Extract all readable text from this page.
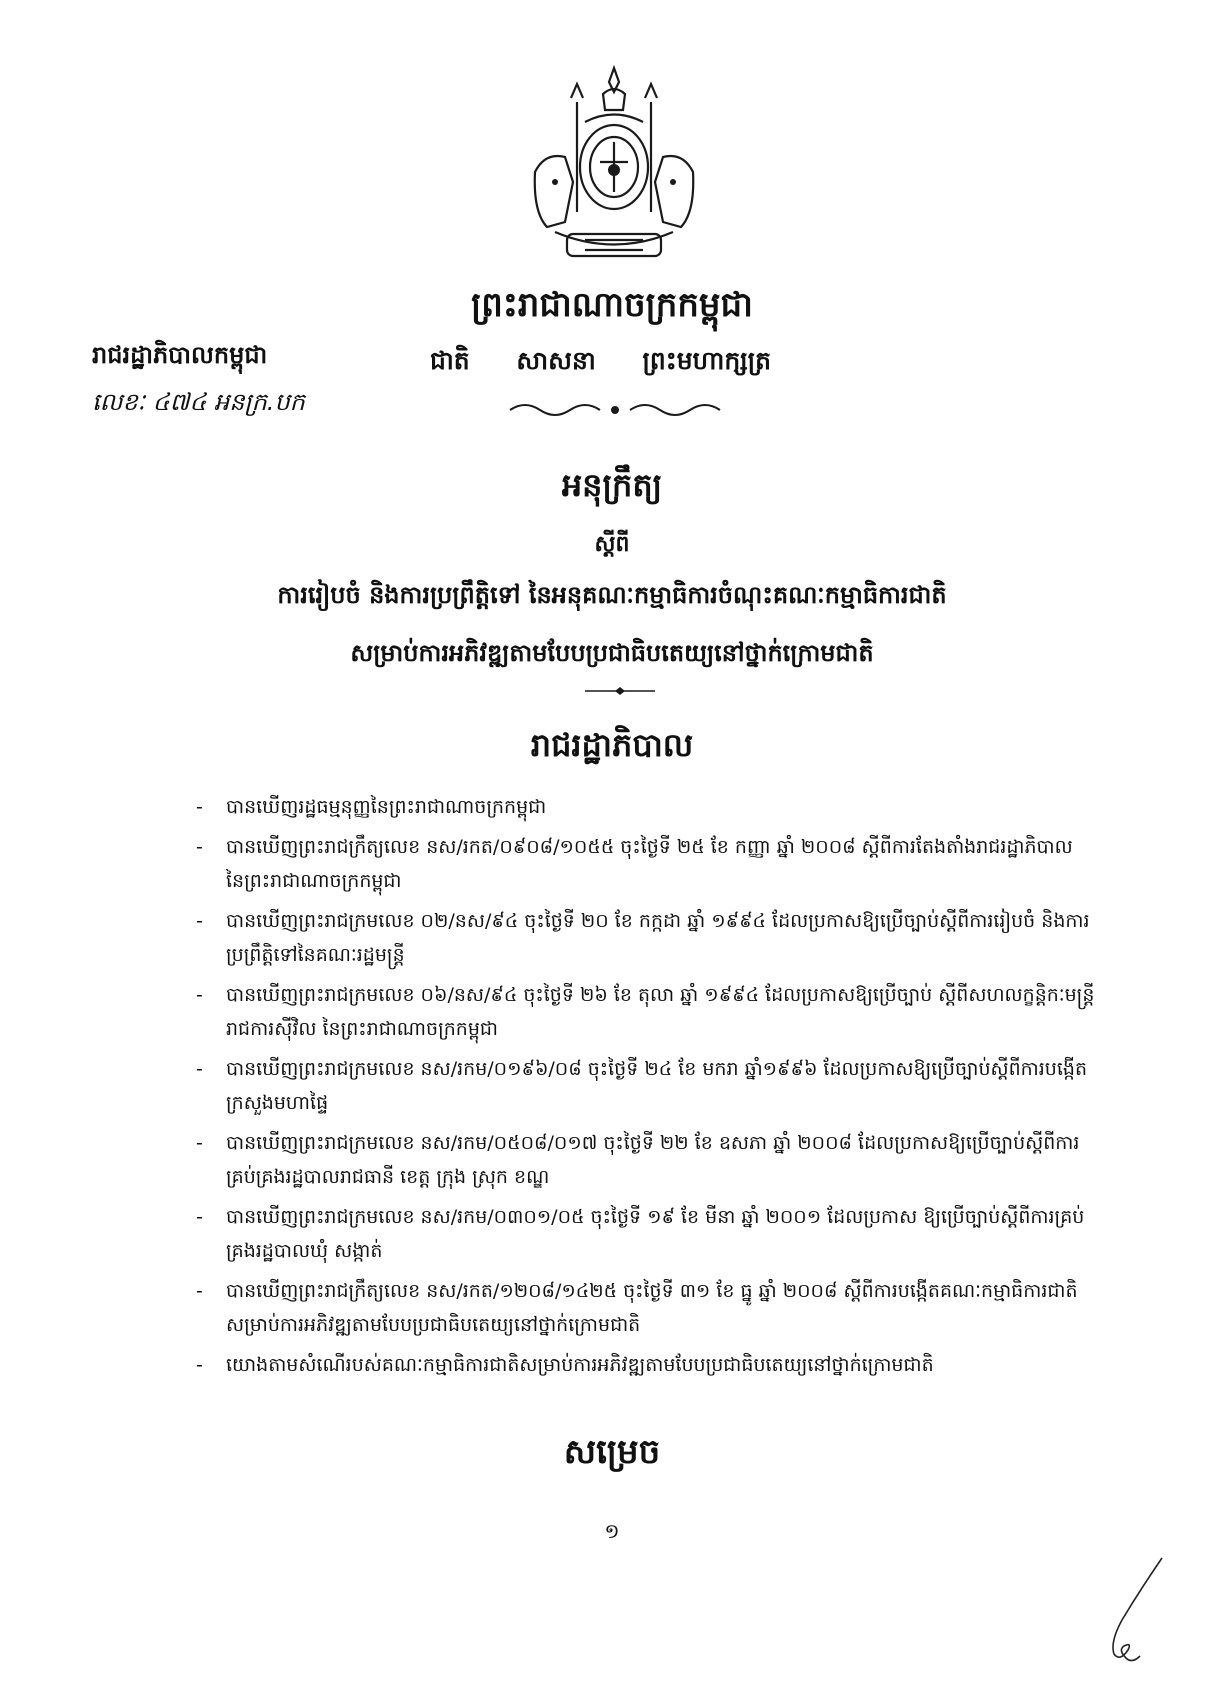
ព្រះរាជាណាចក្រកម្ពុជា
ជាតិ សាសនា ព្រះមហាក្សត្រ
រាជរដ្ឋាភិបាលកម្ពុជា
លេខៈ ៤៧៤ អនក្រ.បក
អនុក្រឹត្យ
ស្តីពី
ការរៀបចំ និងការប្រព្រឹត្តិទៅ នៃអនុគណៈកម្មាធិការចំណុះគណៈកម្មាធិការជាតិ
សម្រាប់ការអភិវឌ្ឍតាមបែបប្រជាធិបតេយ្យនៅថ្នាក់ក្រោមជាតិ
រាជរដ្ឋាភិបាល
- បានឃើញរដ្ឋធម្មនុញ្ញនៃព្រះរាជាណាចក្រកម្ពុជា
- បានឃើញព្រះរាជក្រឹត្យលេខ នស/រកត/០៩០៨/១០៥៥ ចុះថ្ងៃទី ២៥ ខែ កញ្ញា ឆ្នាំ ២០០៨ ស្តីពីការតែងតាំងរាជរដ្ឋាភិបាល នៃព្រះរាជាណាចក្រកម្ពុជា
- បានឃើញព្រះរាជក្រមលេខ ០២/នស/៩៤ ចុះថ្ងៃទី ២០ ខែ កក្កដា ឆ្នាំ ១៩៩៤ ដែលប្រកាសឱ្យប្រើច្បាប់ស្តីពីការរៀបចំ និងការប្រព្រឹត្តិទៅនៃគណៈរដ្ឋមន្ត្រី
- បានឃើញព្រះរាជក្រមលេខ ០៦/នស/៩៤ ចុះថ្ងៃទី ២៦ ខែ តុលា ឆ្នាំ ១៩៩៤ ដែលប្រកាសឱ្យប្រើច្បាប់ ស្តីពីសហលក្ខន្តិកៈមន្ត្រីរាជការស៊ីវិល នៃព្រះរាជាណាចក្រកម្ពុជា
- បានឃើញព្រះរាជក្រមលេខ នស/រកម/០១៩៦/០៨ ចុះថ្ងៃទី ២៤ ខែ មករា ឆ្នាំ១៩៩៦ ដែលប្រកាសឱ្យប្រើច្បាប់ស្តីពីការបង្កើតក្រសួងមហាផ្ទៃ
- បានឃើញព្រះរាជក្រមលេខ នស/រកម/០៥០៨/០១៧ ចុះថ្ងៃទី ២២ ខែ ឧសភា ឆ្នាំ ២០០៨ ដែលប្រកាសឱ្យប្រើច្បាប់ស្តីពីការគ្រប់គ្រងរដ្ឋបាលរាជធានី ខេត្ត ក្រុង ស្រុក ខណ្ឌ
- បានឃើញព្រះរាជក្រមលេខ នស/រកម/០៣០១/០៥ ចុះថ្ងៃទី ១៩ ខែ មីនា ឆ្នាំ ២០០១ ដែលប្រកាស ឱ្យប្រើច្បាប់ស្តីពីការគ្រប់គ្រងរដ្ឋបាលឃុំ សង្កាត់
- បានឃើញព្រះរាជក្រឹត្យលេខ នស/រកត/១២០៨/១៤២៥ ចុះថ្ងៃទី ៣១ ខែ ធ្នូ ឆ្នាំ ២០០៨ ស្តីពីការបង្កើតគណៈកម្មាធិការជាតិសម្រាប់ការអភិវឌ្ឍតាមបែបប្រជាធិបតេយ្យនៅថ្នាក់ក្រោមជាតិ
- យោងតាមសំណើរបស់គណៈកម្មាធិការជាតិសម្រាប់ការអភិវឌ្ឍតាមបែបប្រជាធិបតេយ្យនៅថ្នាក់ក្រោមជាតិ
សម្រេច
១
